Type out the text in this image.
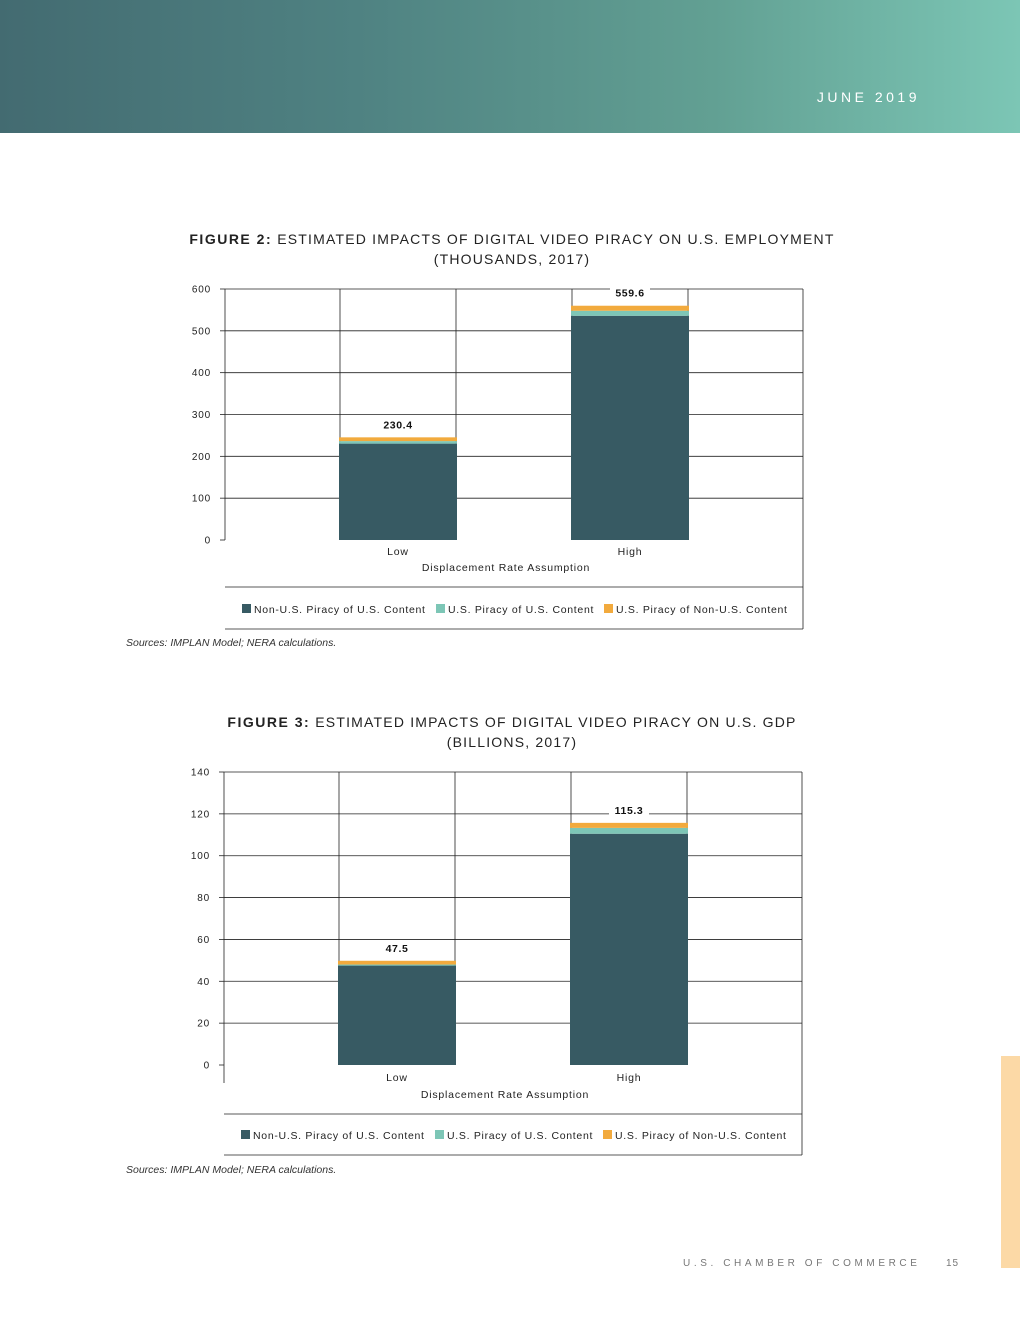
JUNE 2019
FIGURE 2: ESTIMATED IMPACTS OF DIGITAL VIDEO PIRACY ON U.S. EMPLOYMENT
(THOUSANDS, 2017)
0
100
200
300
400
500
600
230.4
Low
559.6
High
Displacement Rate Assumption
Non-U.S. Piracy of U.S. Content U.S. Piracy of U.S. Content U.S. Piracy of Non-U.S. Content
Sources: IMPLAN Model; NERA calculations.
FIGURE 3: ESTIMATED IMPACTS OF DIGITAL VIDEO PIRACY ON U.S. GDP
(BILLIONS, 2017)
0
20
40
60
80
100
120
140
47.5
Low
115.3
High
Displacement Rate Assumption
Non-U.S. Piracy of U.S. Content U.S. Piracy of U.S. Content U.S. Piracy of Non-U.S. Content
Sources: IMPLAN Model; NERA calculations.
U.S. CHAMBER OF COMMERCE	15
